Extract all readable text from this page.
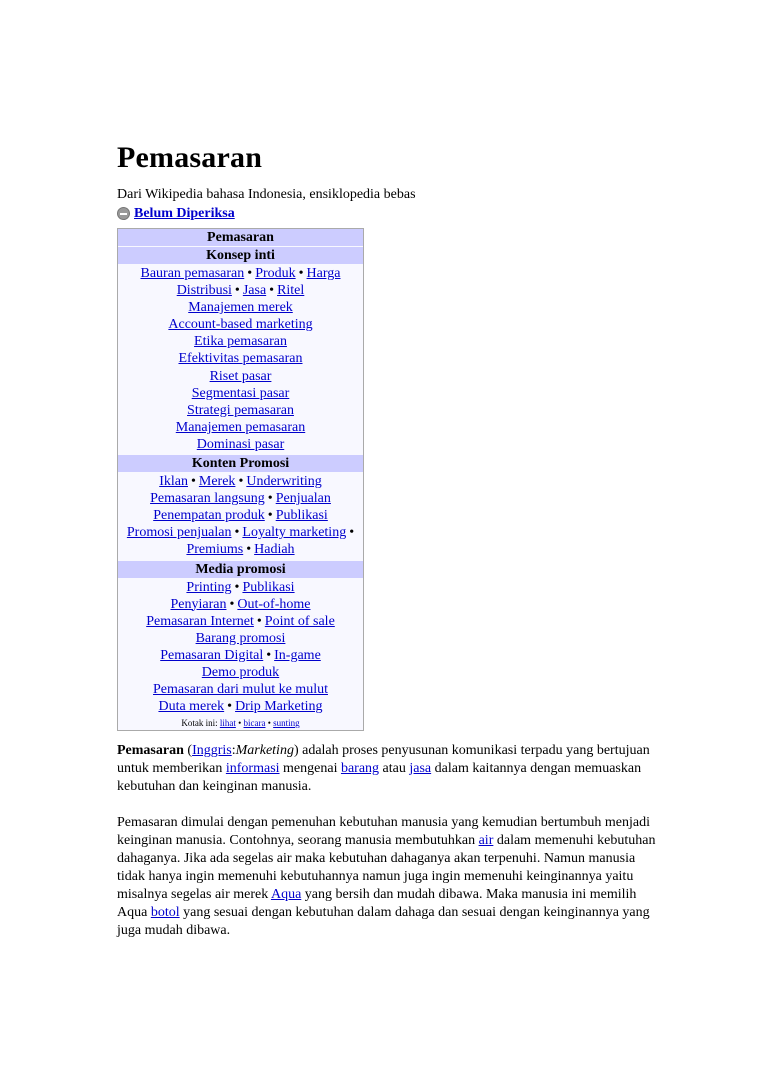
Pemasaran
Dari Wikipedia bahasa Indonesia, ensiklopedia bebas
Belum Diperiksa
Pemasaran
Konsep inti
Bauran pemasaran • Produk • Harga
Distribusi • Jasa • Ritel
Manajemen merek
Account-based marketing
Etika pemasaran
Efektivitas pemasaran
Riset pasar
Segmentasi pasar
Strategi pemasaran
Manajemen pemasaran
Dominasi pasar
Konten Promosi
Iklan • Merek • Underwriting
Pemasaran langsung • Penjualan
Penempatan produk • Publikasi
Promosi penjualan • Loyalty marketing •
Premiums • Hadiah
Media promosi
Printing • Publikasi
Penyiaran • Out-of-home
Pemasaran Internet • Point of sale
Barang promosi
Pemasaran Digital • In-game
Demo produk
Pemasaran dari mulut ke mulut
Duta merek • Drip Marketing
Kotak ini: lihat • bicara • sunting

Pemasaran (Inggris:Marketing) adalah proses penyusunan komunikasi terpadu yang bertujuan untuk memberikan informasi mengenai barang atau jasa dalam kaitannya dengan memuaskan kebutuhan dan keinginan manusia.

Pemasaran dimulai dengan pemenuhan kebutuhan manusia yang kemudian bertumbuh menjadi keinginan manusia. Contohnya, seorang manusia membutuhkan air dalam memenuhi kebutuhan dahaganya. Jika ada segelas air maka kebutuhan dahaganya akan terpenuhi. Namun manusia tidak hanya ingin memenuhi kebutuhannya namun juga ingin memenuhi keinginannya yaitu misalnya segelas air merek Aqua yang bersih dan mudah dibawa. Maka manusia ini memilih Aqua botol yang sesuai dengan kebutuhan dalam dahaga dan sesuai dengan keinginannya yang juga mudah dibawa.
